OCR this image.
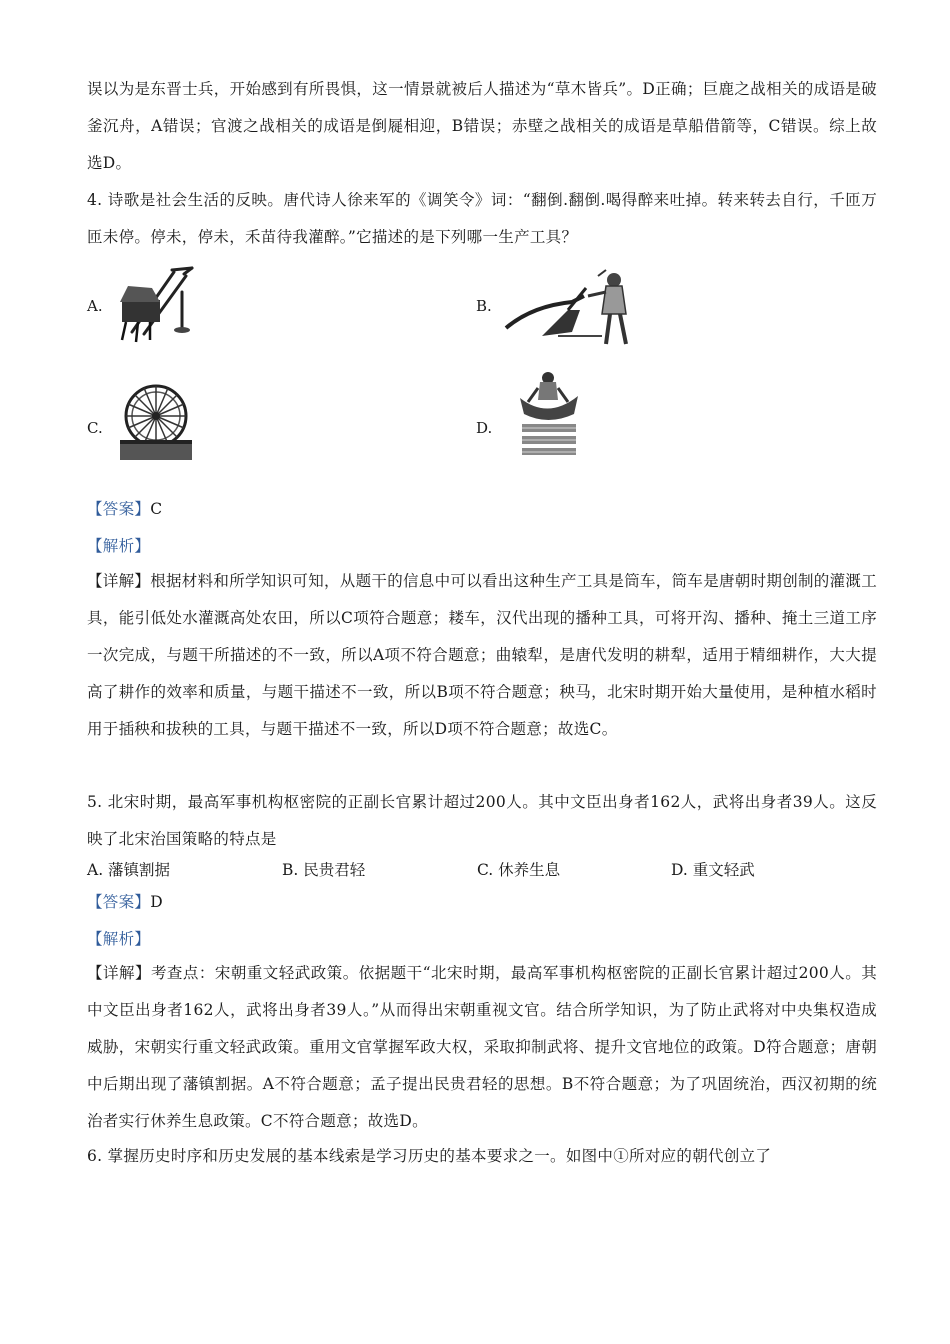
误以为是东晋士兵，开始感到有所畏惧，这一情景就被后人描述为“草木皆兵”。D正确；巨鹿之战相关的成语是破釜沉舟，A错误；官渡之战相关的成语是倒屣相迎，B错误；赤壁之战相关的成语是草船借箭等，C错误。综上故选D。

4. 诗歌是社会生活的反映。唐代诗人徐来军的《调笑令》词：“翻倒.翻倒.喝得醉来吐掉。转来转去自行，千匝万匝未停。停未，停未，禾苗待我灌醉。”它描述的是下列哪一生产工具？

A.	B.
C.	D.

【答案】C

【解析】

【详解】根据材料和所学知识可知，从题干的信息中可以看出这种生产工具是筒车，筒车是唐朝时期创制的灌溉工具，能引低处水灌溉高处农田，所以C项符合题意；耧车，汉代出现的播种工具，可将开沟、播种、掩土三道工序一次完成，与题干所描述的不一致，所以A项不符合题意；曲辕犁，是唐代发明的耕犁，适用于精细耕作，大大提高了耕作的效率和质量，与题干描述不一致，所以B项不符合题意；秧马，北宋时期开始大量使用，是种植水稻时用于插秧和拔秧的工具，与题干描述不一致，所以D项不符合题意；故选C。

5. 北宋时期，最高军事机构枢密院的正副长官累计超过200人。其中文臣出身者162人，武将出身者39人。这反映了北宋治国策略的特点是

A. 藩镇割据	B. 民贵君轻	C. 休养生息	D. 重文轻武

【答案】D

【解析】

【详解】考查点：宋朝重文轻武政策。依据题干“北宋时期，最高军事机构枢密院的正副长官累计超过200人。其中文臣出身者162人，武将出身者39人。”从而得出宋朝重视文官。结合所学知识，为了防止武将对中央集权造成威胁，宋朝实行重文轻武政策。重用文官掌握军政大权，采取抑制武将、提升文官地位的政策。D符合题意；唐朝中后期出现了藩镇割据。A不符合题意；孟子提出民贵君轻的思想。B不符合题意；为了巩固统治，西汉初期的统治者实行休养生息政策。C不符合题意；故选D。

6. 掌握历史时序和历史发展的基本线索是学习历史的基本要求之一。如图中①所对应的朝代创立了
